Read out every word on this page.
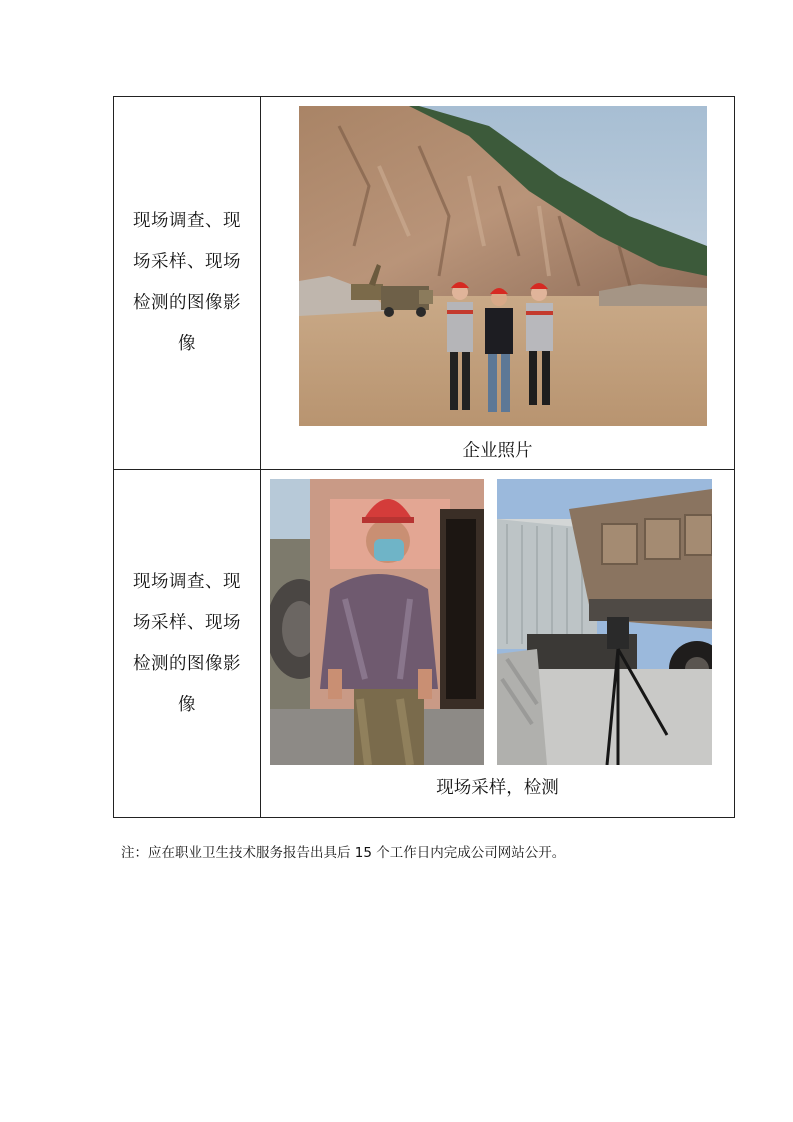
现场调查、现场采样、现场检测的图像影像
企业照片
现场调查、现场采样、现场检测的图像影像
现场采样，检测
注：应在职业卫生技术服务报告出具后 15 个工作日内完成公司网站公开。
